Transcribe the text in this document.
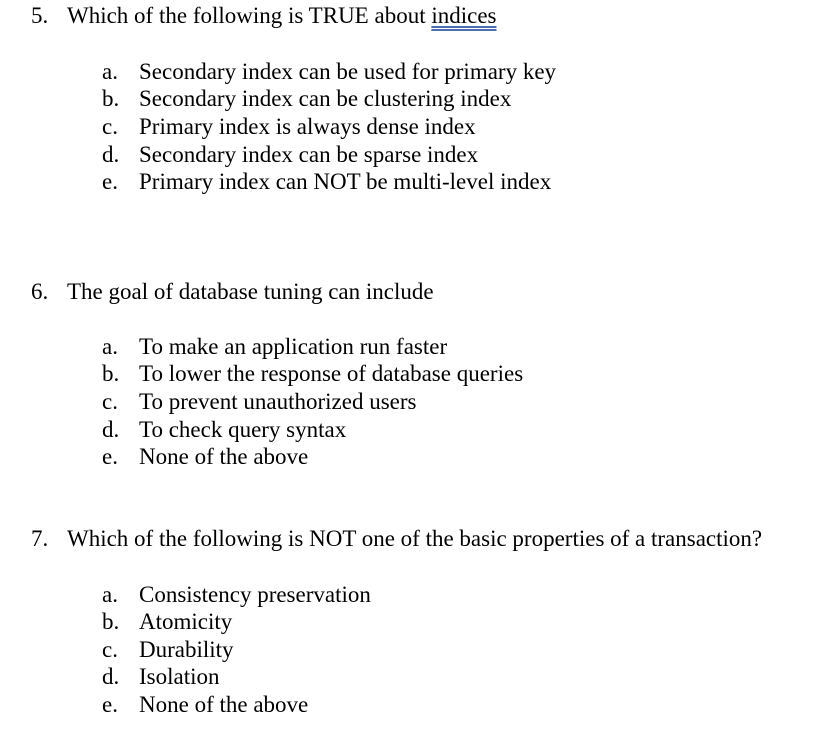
5. Which of the following is TRUE about indices
a. Secondary index can be used for primary key
b. Secondary index can be clustering index
c. Primary index is always dense index
d. Secondary index can be sparse index
e. Primary index can NOT be multi-level index
6. The goal of database tuning can include
a. To make an application run faster
b. To lower the response of database queries
c. To prevent unauthorized users
d. To check query syntax
e. None of the above
7. Which of the following is NOT one of the basic properties of a transaction?
a. Consistency preservation
b. Atomicity
c. Durability
d. Isolation
e. None of the above
